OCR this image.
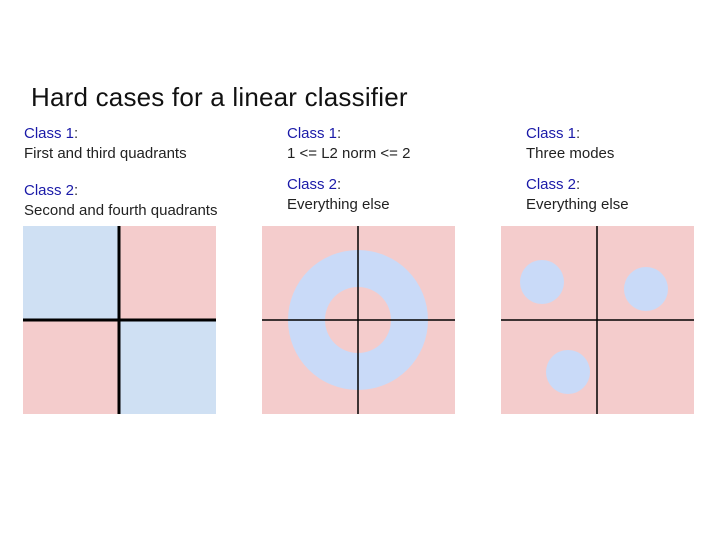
Hard cases for a linear classifier
Class 1:
First and third quadrants
Class 2:
Second and fourth quadrants
Class 1:
1 <= L2 norm <= 2
Class 2:
Everything else
Class 1:
Three modes
Class 2:
Everything else
